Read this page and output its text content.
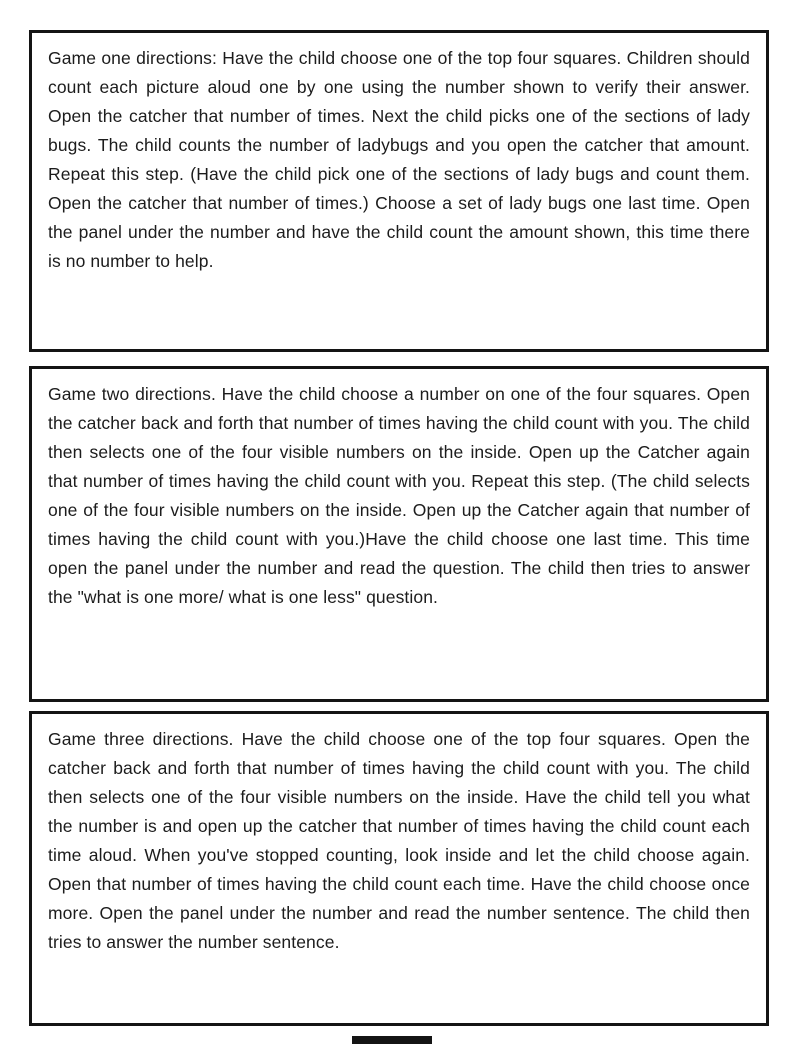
Game one directions: Have the child choose one of the top four squares. Children should count each picture aloud one by one using the number shown to verify their answer. Open the catcher that number of times. Next the child picks one of the sections of lady bugs. The child counts the number of ladybugs and you open the catcher that amount. Repeat this step. (Have the child pick one of the sections of lady bugs and count them. Open the catcher that number of times.) Choose a set of lady bugs one last time. Open the panel under the number and have the child count the amount shown, this time there is no number to help.

Game two directions. Have the child choose a number on one of the four squares. Open the catcher back and forth that number of times having the child count with you. The child then selects one of the four visible numbers on the inside. Open up the Catcher again that number of times having the child count with you. Repeat this step. (The child selects one of the four visible numbers on the inside. Open up the Catcher again that number of times having the child count with you.)Have the child choose one last time. This time open the panel under the number and read the question. The child then tries to answer the "what is one more/ what is one less" question.

Game three directions. Have the child choose one of the top four squares. Open the catcher back and forth that number of times having the child count with you. The child then selects one of the four visible numbers on the inside. Have the child tell you what the number is and open up the catcher that number of times having the child count each time aloud. When you've stopped counting, look inside and let the child choose again. Open that number of times having the child count each time. Have the child choose once more. Open the panel under the number and read the number sentence. The child then tries to answer the number sentence.
